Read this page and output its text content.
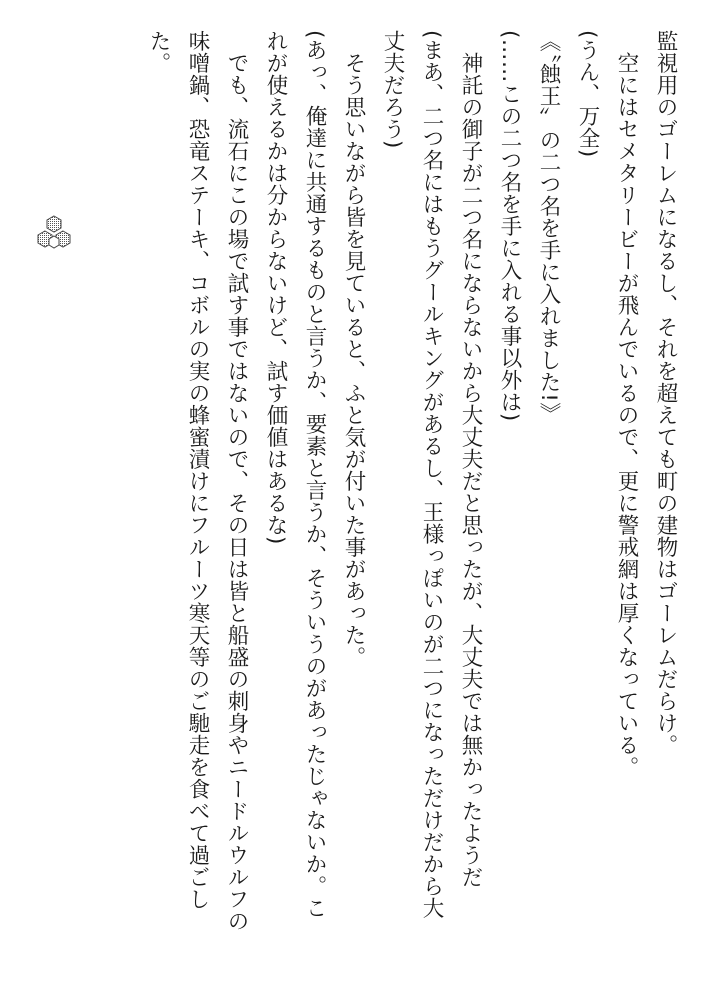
監視用のゴーレムになるし、それを超えても町の建物はゴーレムだらけ。
空にはセメタリービーが飛んでいるので、更に警戒網は厚くなっている。
(うん、万全)
《〝蝕王〟の二つ名を手に入れました!》
(……この二つ名を手に入れる事以外は)
神託の御子が二つ名にならないから大丈夫だと思ったが、大丈夫では無かったようだ
(まあ、二つ名にはもうグールキングがあるし、王様っぽいのが二つになっただけだから大
丈夫だろう)
そう思いながら皆を見ていると、ふと気が付いた事があった。
(あっ、俺達に共通するものと言うか、要素と言うか、そういうのがあったじゃないか。こ
れが使えるかは分からないけど、試す価値はあるな)
でも、流石にこの場で試す事ではないので、その日は皆と船盛の刺身やニードルウルフの
味噌鍋、恐竜ステーキ、コボルの実の蜂蜜漬けにフルーツ寒天等のご馳走を食べて過ごし
た。
